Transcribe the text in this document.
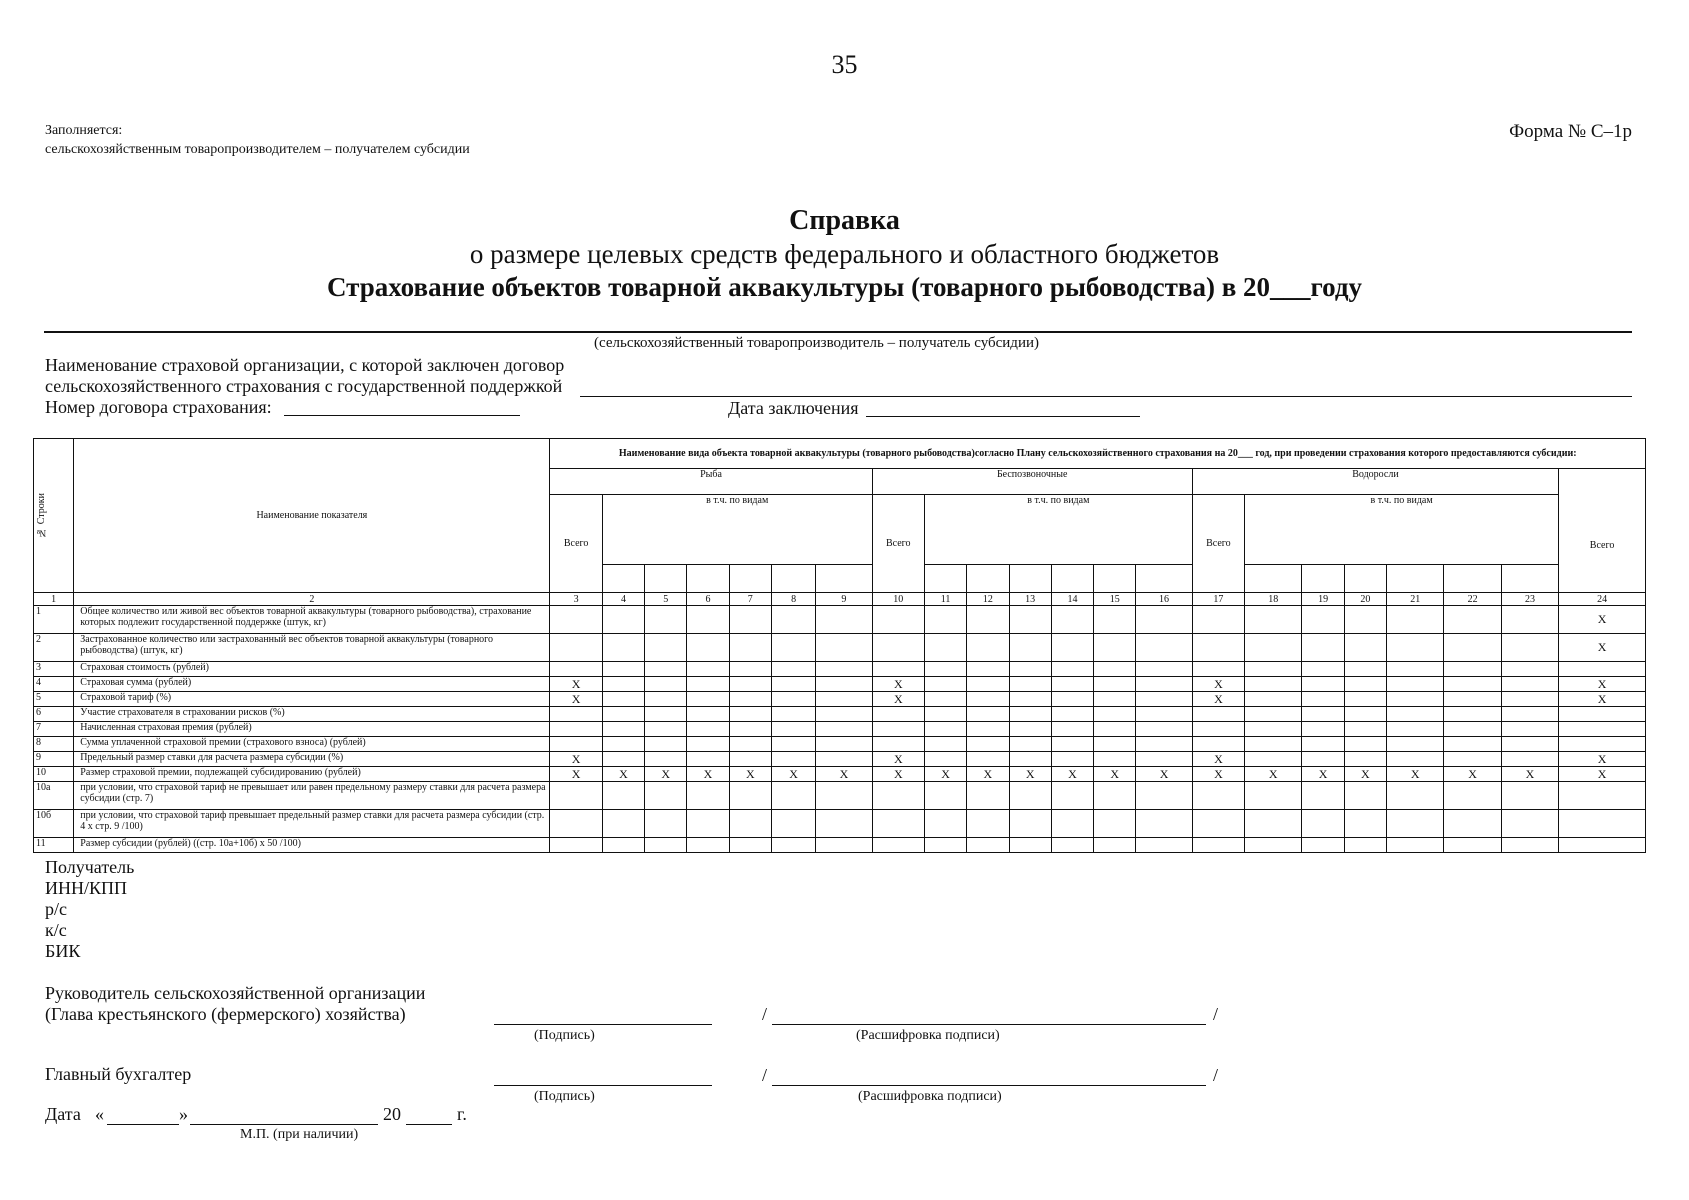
35
Заполняется:
сельскохозяйственным товаропроизводителем – получателем субсидии
Форма № С–1р
Справка
о размере целевых средств федерального и областного бюджетов
Страхование объектов товарной аквакультуры (товарного рыбоводства) в 20___году
(сельскохозяйственный товаропроизводитель – получатель субсидии)
Наименование страховой организации, с которой заключен договор
сельскохозяйственного страхования с государственной поддержкой
Номер договора страхования:	Дата заключения
№ Строки	Наименование показателя	Наименование вида объекта товарной аквакультуры (товарного рыбоводства)согласно Плану сельскохозяйственного страхования на 20___ год, при проведении страхования которого предоставляются субсидии:																					
		Рыба							Беспозвоночные							Водоросли							Всего
		Всего	в т.ч. по видам						Всего	в т.ч. по видам						Всего	в т.ч. по видам						

1	2	3	4	5	6	7	8	9	10	11	12	13	14	15	16	17	18	19	20	21	22	23	24
1	Общее количество или живой вес объектов товарной аквакультуры (товарного рыбоводства), страхование которых подлежит государственной поддержке (штук, кг)																						Х
2	Застрахованное количество или застрахованный вес объектов товарной аквакультуры (товарного рыбоводства) (штук, кг)																						Х
3	Страховая стоимость (рублей)																						
4	Страховая сумма (рублей)	Х							Х							Х							Х
5	Страховой тариф (%)	Х							Х							Х							Х
6	Участие страхователя в страховании рисков (%)																						
7	Начисленная страховая премия (рублей)																						
8	Сумма уплаченной страховой премии (страхового взноса) (рублей)																						
9	Предельный размер ставки для расчета размера субсидии (%)	Х							Х							Х							Х
10	Размер страховой премии, подлежащей субсидированию (рублей)	Х	Х	Х	Х	Х	Х	Х	Х	Х	Х	Х	Х	Х	Х	Х	Х	Х	Х	Х	Х	Х	Х
10а	при условии, что страховой тариф не превышает или равен предельному размеру ставки для расчета размера субсидии (стр. 7)																						
10б	при условии, что страховой тариф превышает предельный размер ставки для расчета размера субсидии (стр. 4 х стр. 9 /100)																						
11	Размер субсидии (рублей) ((стр. 10а+10б) х 50 /100)																						
Получатель
ИНН/КПП
р/с
к/с
БИК
Руководитель сельскохозяйственной организации
(Глава крестьянского (фермерского) хозяйства)
(Подпись)
/	/
(Расшифровка подписи)
Главный бухгалтер
(Подпись)
/	/
(Расшифровка подписи)
Дата «	»	20	г.
М.П. (при наличии)
